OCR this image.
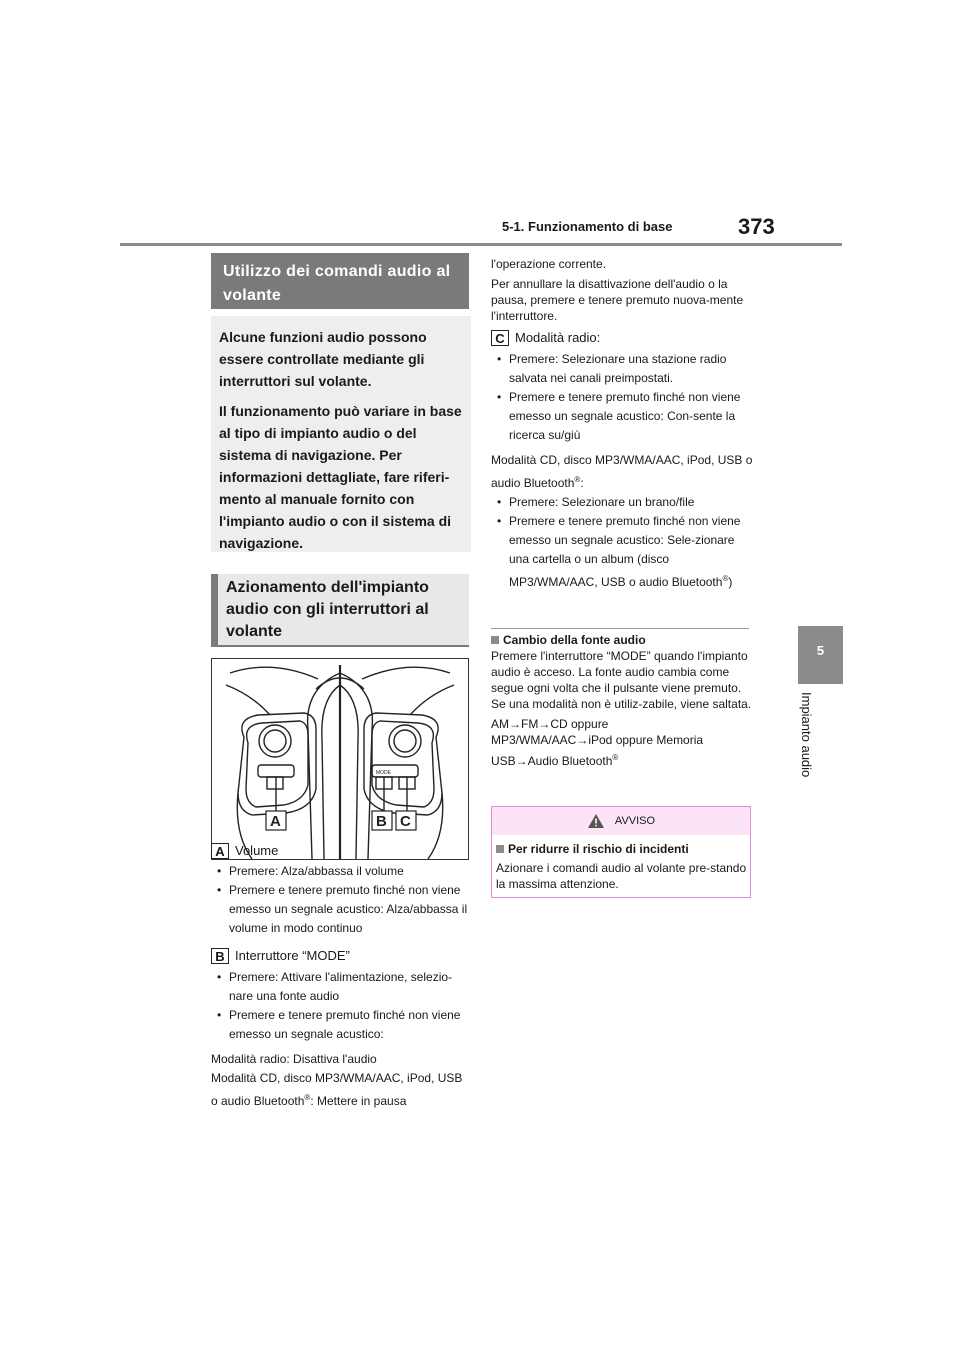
5-1. Funzionamento di base	373
5
Impianto audio
Utilizzo dei comandi audio al volante

Alcune funzioni audio possono essere controllate mediante gli interruttori sul volante.

Il funzionamento può variare in base al tipo di impianto audio o del sistema di navigazione. Per informazioni dettagliate, fare riferi-mento al manuale fornito con l'impianto audio o con il sistema di navigazione.

Azionamento dell'impianto audio con gli interruttori al volante
MODE
A	B C
A Volume
• Premere: Alza/abbassa il volume
• Premere e tenere premuto finché non viene emesso un segnale acustico: Alza/abbassa il volume in modo continuo
B Interruttore “MODE”
• Premere: Attivare l'alimentazione, selezio-nare una fonte audio
• Premere e tenere premuto finché non viene emesso un segnale acustico:
Modalità radio: Disattiva l'audio
Modalità CD, disco MP3/WMA/AAC, iPod, USB o audio Bluetooth®: Mettere in pausa
l'operazione corrente.
Per annullare la disattivazione dell'audio o la pausa, premere e tenere premuto nuova-mente l'interruttore.
C Modalità radio:
• Premere: Selezionare una stazione radio salvata nei canali preimpostati.
• Premere e tenere premuto finché non viene emesso un segnale acustico: Con-sente la ricerca su/giù
Modalità CD, disco MP3/WMA/AAC, iPod, USB o audio Bluetooth®:
• Premere: Selezionare un brano/file
• Premere e tenere premuto finché non viene emesso un segnale acustico: Sele-zionare una cartella o un album (disco MP3/WMA/AAC, USB o audio Bluetooth®)
Cambio della fonte audio
Premere l'interruttore “MODE” quando l'impianto audio è acceso. La fonte audio cambia come segue ogni volta che il pulsante viene premuto. Se una modalità non è utiliz-zabile, viene saltata.
AM→FM→CD oppure
MP3/WMA/AAC→iPod oppure Memoria
USB→Audio Bluetooth®
AVVISO
Per ridurre il rischio di incidenti
Azionare i comandi audio al volante pre-stando la massima attenzione.
